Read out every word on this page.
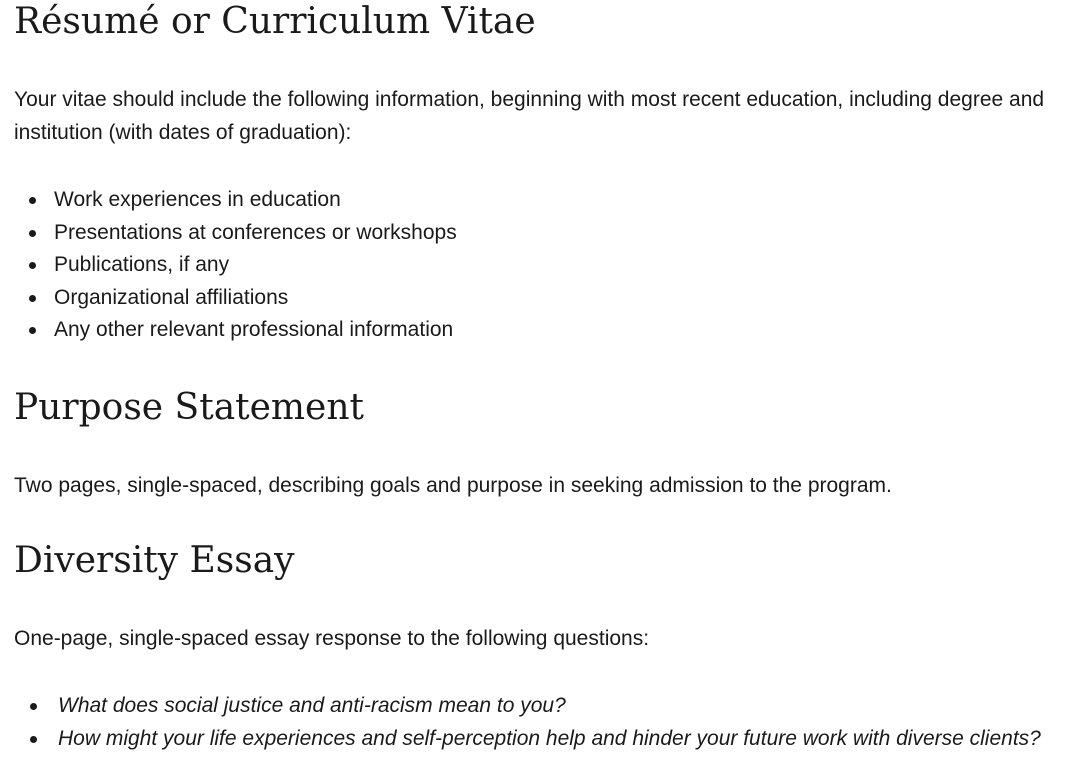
Résumé or Curriculum Vitae

Your vitae should include the following information, beginning with most recent education, including degree and

institution (with dates of graduation):

Work experiences in education
Presentations at conferences or workshops
Publications, if any
Organizational affiliations
Any other relevant professional information
Purpose Statement

Two pages, single-spaced, describing goals and purpose in seeking admission to the program.

Diversity Essay

One-page, single-spaced essay response to the following questions:

What does social justice and anti-racism mean to you?
How might your life experiences and self-perception help and hinder your future work with diverse clients?
